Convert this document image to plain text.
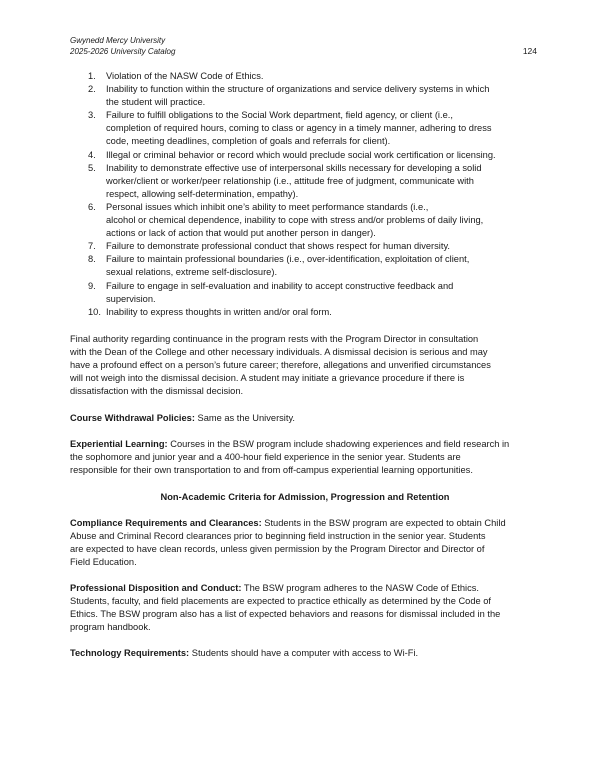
Gwynedd Mercy University
2025-2026 University Catalog	124
1. Violation of the NASW Code of Ethics.
2. Inability to function within the structure of organizations and service delivery systems in which
the student will practice.
3. Failure to fulfill obligations to the Social Work department, field agency, or client (i.e.,
completion of required hours, coming to class or agency in a timely manner, adhering to dress
code, meeting deadlines, completion of goals and referrals for client).
4. Illegal or criminal behavior or record which would preclude social work certification or licensing.
5. Inability to demonstrate effective use of interpersonal skills necessary for developing a solid
worker/client or worker/peer relationship (i.e., attitude free of judgment, communicate with
respect, allowing self-determination, empathy).
6. Personal issues which inhibit one’s ability to meet performance standards (i.e.,
alcohol or chemical dependence, inability to cope with stress and/or problems of daily living,
actions or lack of action that would put another person in danger).
7. Failure to demonstrate professional conduct that shows respect for human diversity.
8. Failure to maintain professional boundaries (i.e., over-identification, exploitation of client,
sexual relations, extreme self-disclosure).
9. Failure to engage in self-evaluation and inability to accept constructive feedback and
supervision.
10. Inability to express thoughts in written and/or oral form.
Final authority regarding continuance in the program rests with the Program Director in consultation
with the Dean of the College and other necessary individuals. A dismissal decision is serious and may
have a profound effect on a person’s future career; therefore, allegations and unverified circumstances
will not weigh into the dismissal decision. A student may initiate a grievance procedure if there is
dissatisfaction with the dismissal decision.
Course Withdrawal Policies: Same as the University.
Experiential Learning: Courses in the BSW program include shadowing experiences and field research in
the sophomore and junior year and a 400-hour field experience in the senior year. Students are
responsible for their own transportation to and from off-campus experiential learning opportunities.
Non-Academic Criteria for Admission, Progression and Retention
Compliance Requirements and Clearances: Students in the BSW program are expected to obtain Child
Abuse and Criminal Record clearances prior to beginning field instruction in the senior year. Students
are expected to have clean records, unless given permission by the Program Director and Director of
Field Education.
Professional Disposition and Conduct: The BSW program adheres to the NASW Code of Ethics.
Students, faculty, and field placements are expected to practice ethically as determined by the Code of
Ethics. The BSW program also has a list of expected behaviors and reasons for dismissal included in the
program handbook.
Technology Requirements: Students should have a computer with access to Wi-Fi.
